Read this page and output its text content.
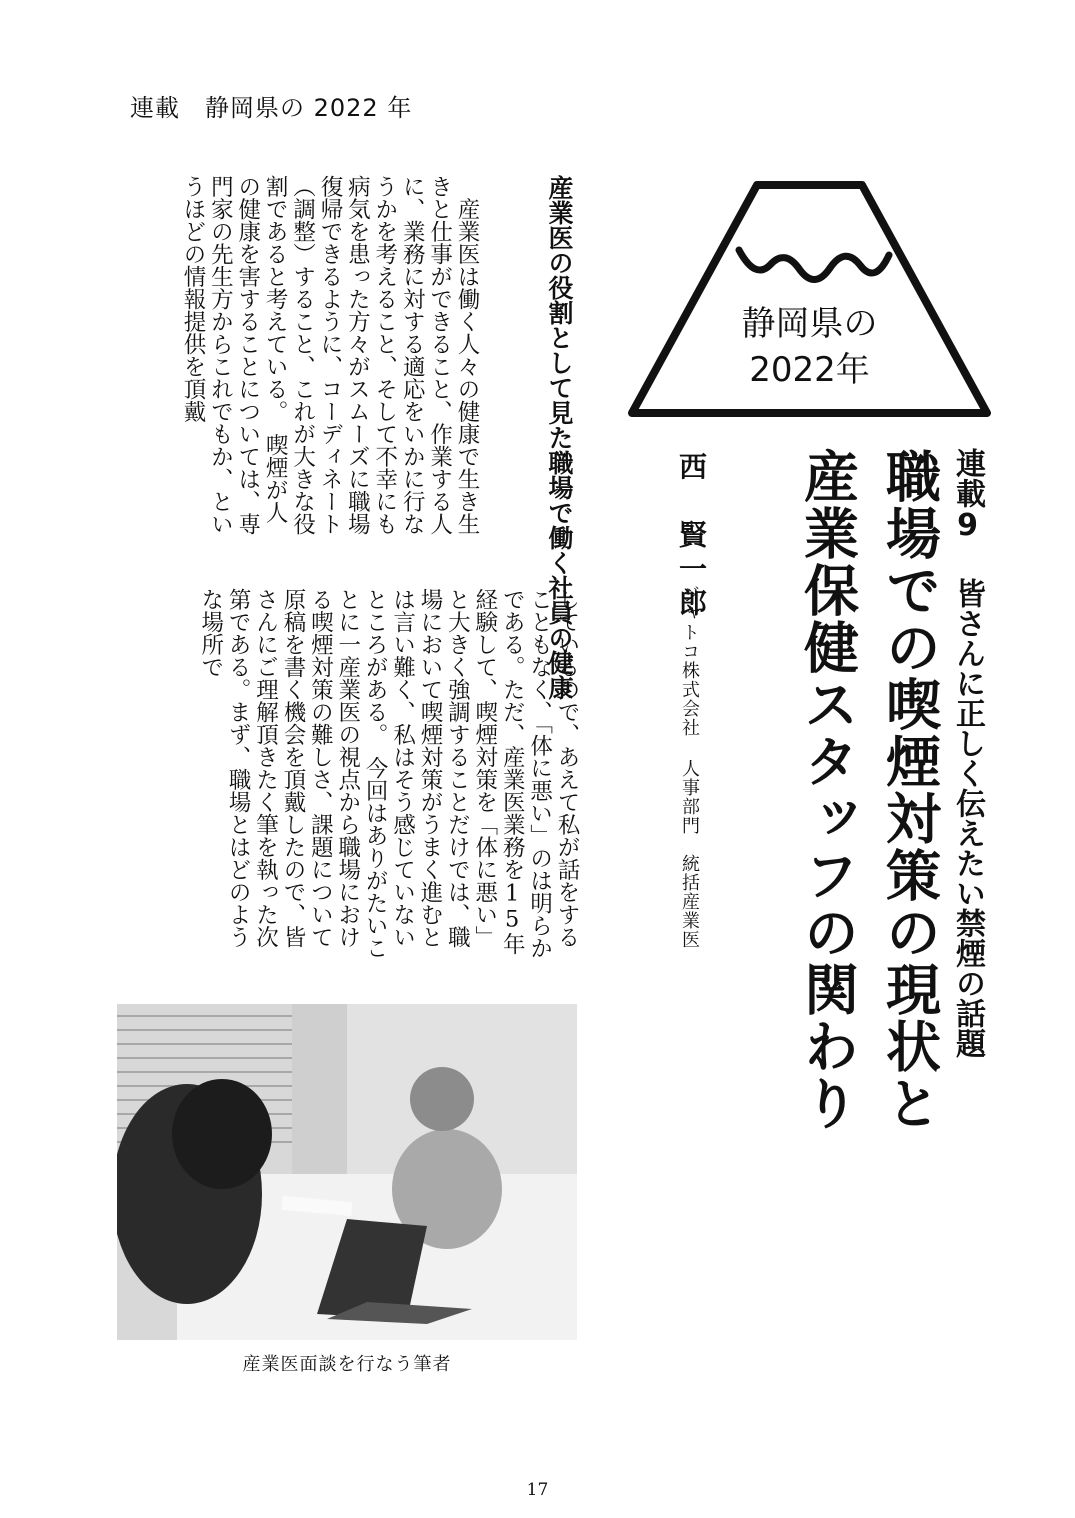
連載　静岡県の 2022 年
静岡県の
2022年
連載9 皆さんに正しく伝えたい禁煙の話題
職場での喫煙対策の現状と
産業保健スタッフの関わり
西　賢一郎
ジャトコ株式会社 人事部門　統括産業医
しているので、あえて私が話をすることもなく、「体に悪い」のは明らかである。ただ、産業医業務を15年経験して、喫煙対策を「体に悪い」と大きく強調することだけでは、職場において喫煙対策がうまく進むとは言い難く、私はそう感じていないところがある。　今回はありがたいことに一産業医の視点から職場における喫煙対策の難しさ、課題について原稿を書く機会を頂戴したので、皆さんにご理解頂きたく筆を執った次第である。まず、職場とはどのような場所で	産業医の役割として見た職場で働く社員の健康
　産業医は働く人々の健康で生き生きと仕事ができること、作業する人に、業務に対する適応をいかに行なうかを考えること、そして不幸にも病気を患った方々がスムーズに職場復帰できるように、コーディネート（調整）すること、これが大きな役割であると考えている。　喫煙が人の健康を害することについては、専門家の先生方からこれでもか、というほどの情報提供を頂戴
産業医面談を行なう筆者
17
